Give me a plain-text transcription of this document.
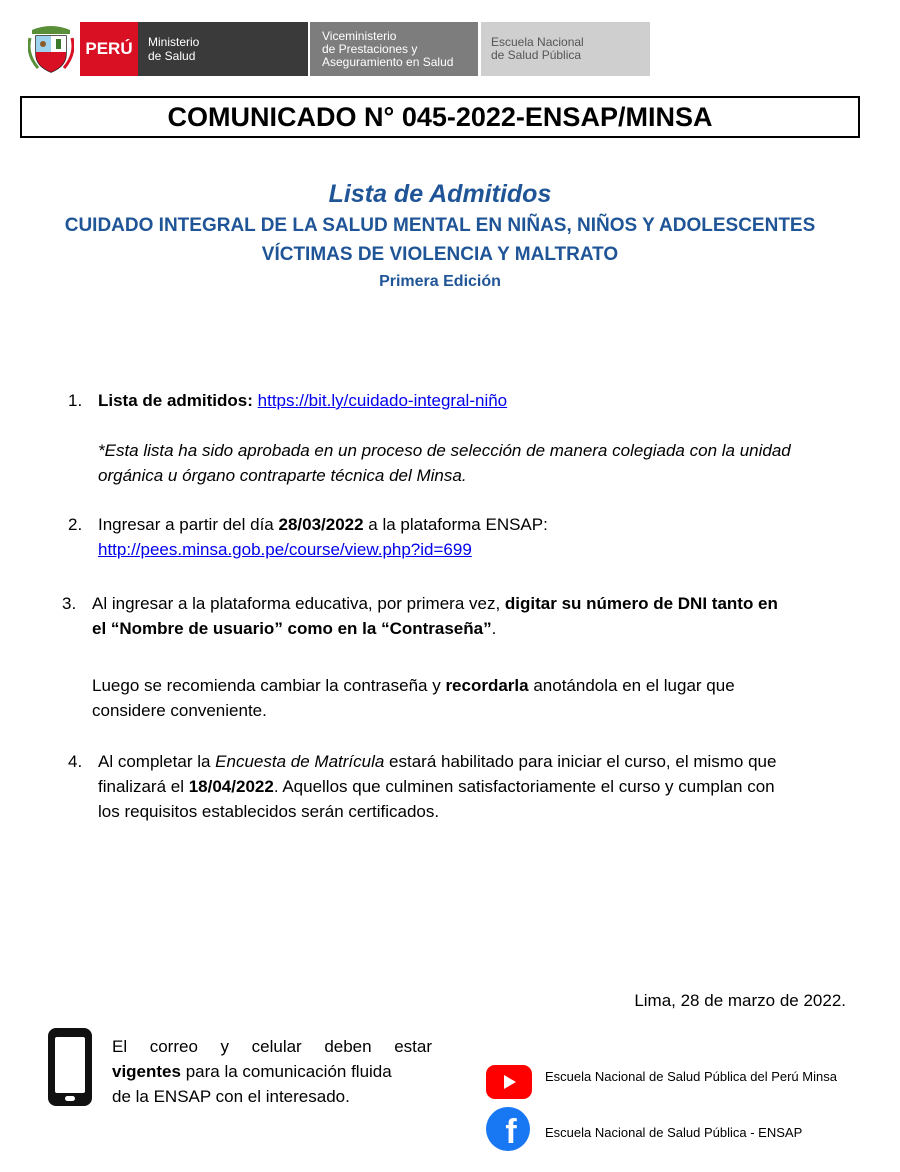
PERÚ Ministerio
de Salud
Viceministerio
de Prestaciones y
Aseguramiento en Salud
Escuela Nacional
de Salud Pública
COMUNICADO N° 045-2022-ENSAP/MINSA
Lista de Admitidos
CUIDADO INTEGRAL DE LA SALUD MENTAL EN NIÑAS, NIÑOS Y ADOLESCENTES
VÍCTIMAS DE VIOLENCIA Y MALTRATO
Primera Edición
1. Lista de admitidos: https://bit.ly/cuidado-integral-niño
*Esta lista ha sido aprobada en un proceso de selección de manera colegiada con la unidad
orgánica u órgano contraparte técnica del Minsa.
2. Ingresar a partir del día 28/03/2022 a la plataforma ENSAP:
http://pees.minsa.gob.pe/course/view.php?id=699
3. Al ingresar a la plataforma educativa, por primera vez, digitar su número de DNI tanto en
el “Nombre de usuario” como en la “Contraseña”.
Luego se recomienda cambiar la contraseña y recordarla anotándola en el lugar que
considere conveniente.
4. Al completar la Encuesta de Matrícula estará habilitado para iniciar el curso, el mismo que
finalizará el 18/04/2022. Aquellos que culminen satisfactoriamente el curso y cumplan con
los requisitos establecidos serán certificados.
Lima, 28 de marzo de 2022.
El correo y celular deben estar
vigentes para la comunicación fluida
de la ENSAP con el interesado.
Escuela Nacional de Salud Pública del Perú Minsa
f Escuela Nacional de Salud Pública - ENSAP
